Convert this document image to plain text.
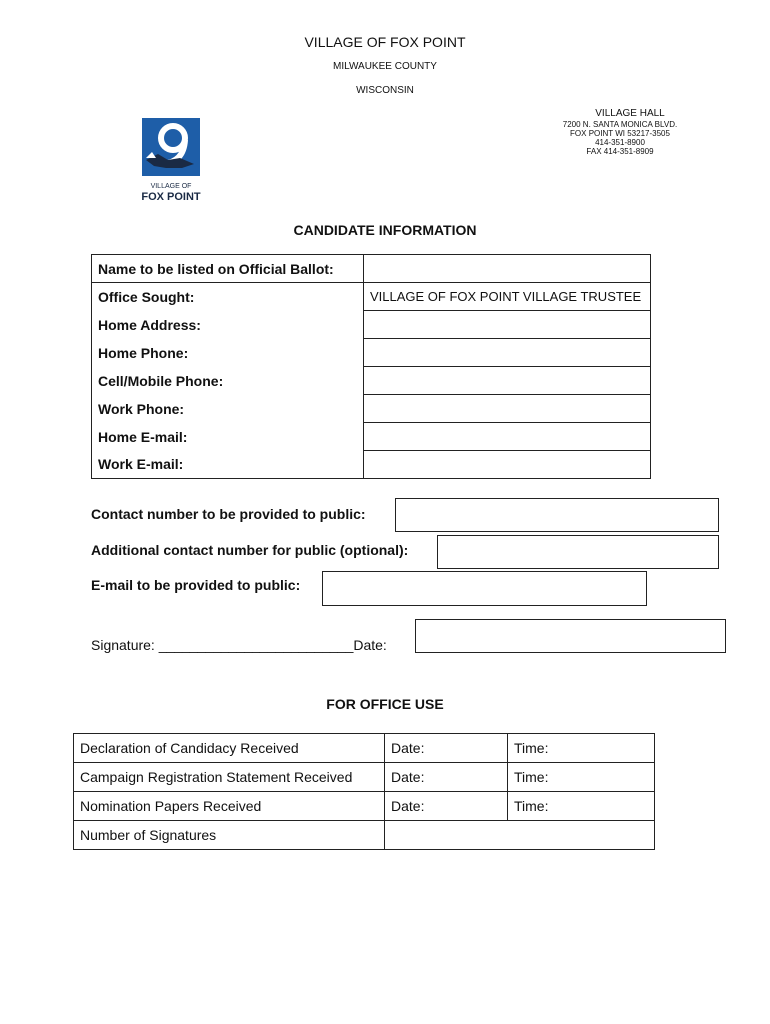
VILLAGE OF FOX POINT
MILWAUKEE COUNTY
WISCONSIN
VILLAGE HALL
7200 N. SANTA MONICA BLVD.
FOX POINT WI 53217-3505
414-351-8900
FAX 414-351-8909
VILLAGE OF
FOX POINT
CANDIDATE INFORMATION
Name to be listed on Official Ballot:	
Office Sought:	VILLAGE OF FOX POINT VILLAGE TRUSTEE
Home Address:	
Home Phone:	
Cell/Mobile Phone:	
Work Phone:	
Home E-mail:	
Work E-mail:	
Contact number to be provided to public:
Additional contact number for public (optional):
E-mail to be provided to public:
Signature: _________________________Date:
FOR OFFICE USE
Declaration of Candidacy Received	Date:	Time:
Campaign Registration Statement Received	Date:	Time:
Nomination Papers Received	Date:	Time:
Number of Signatures		
